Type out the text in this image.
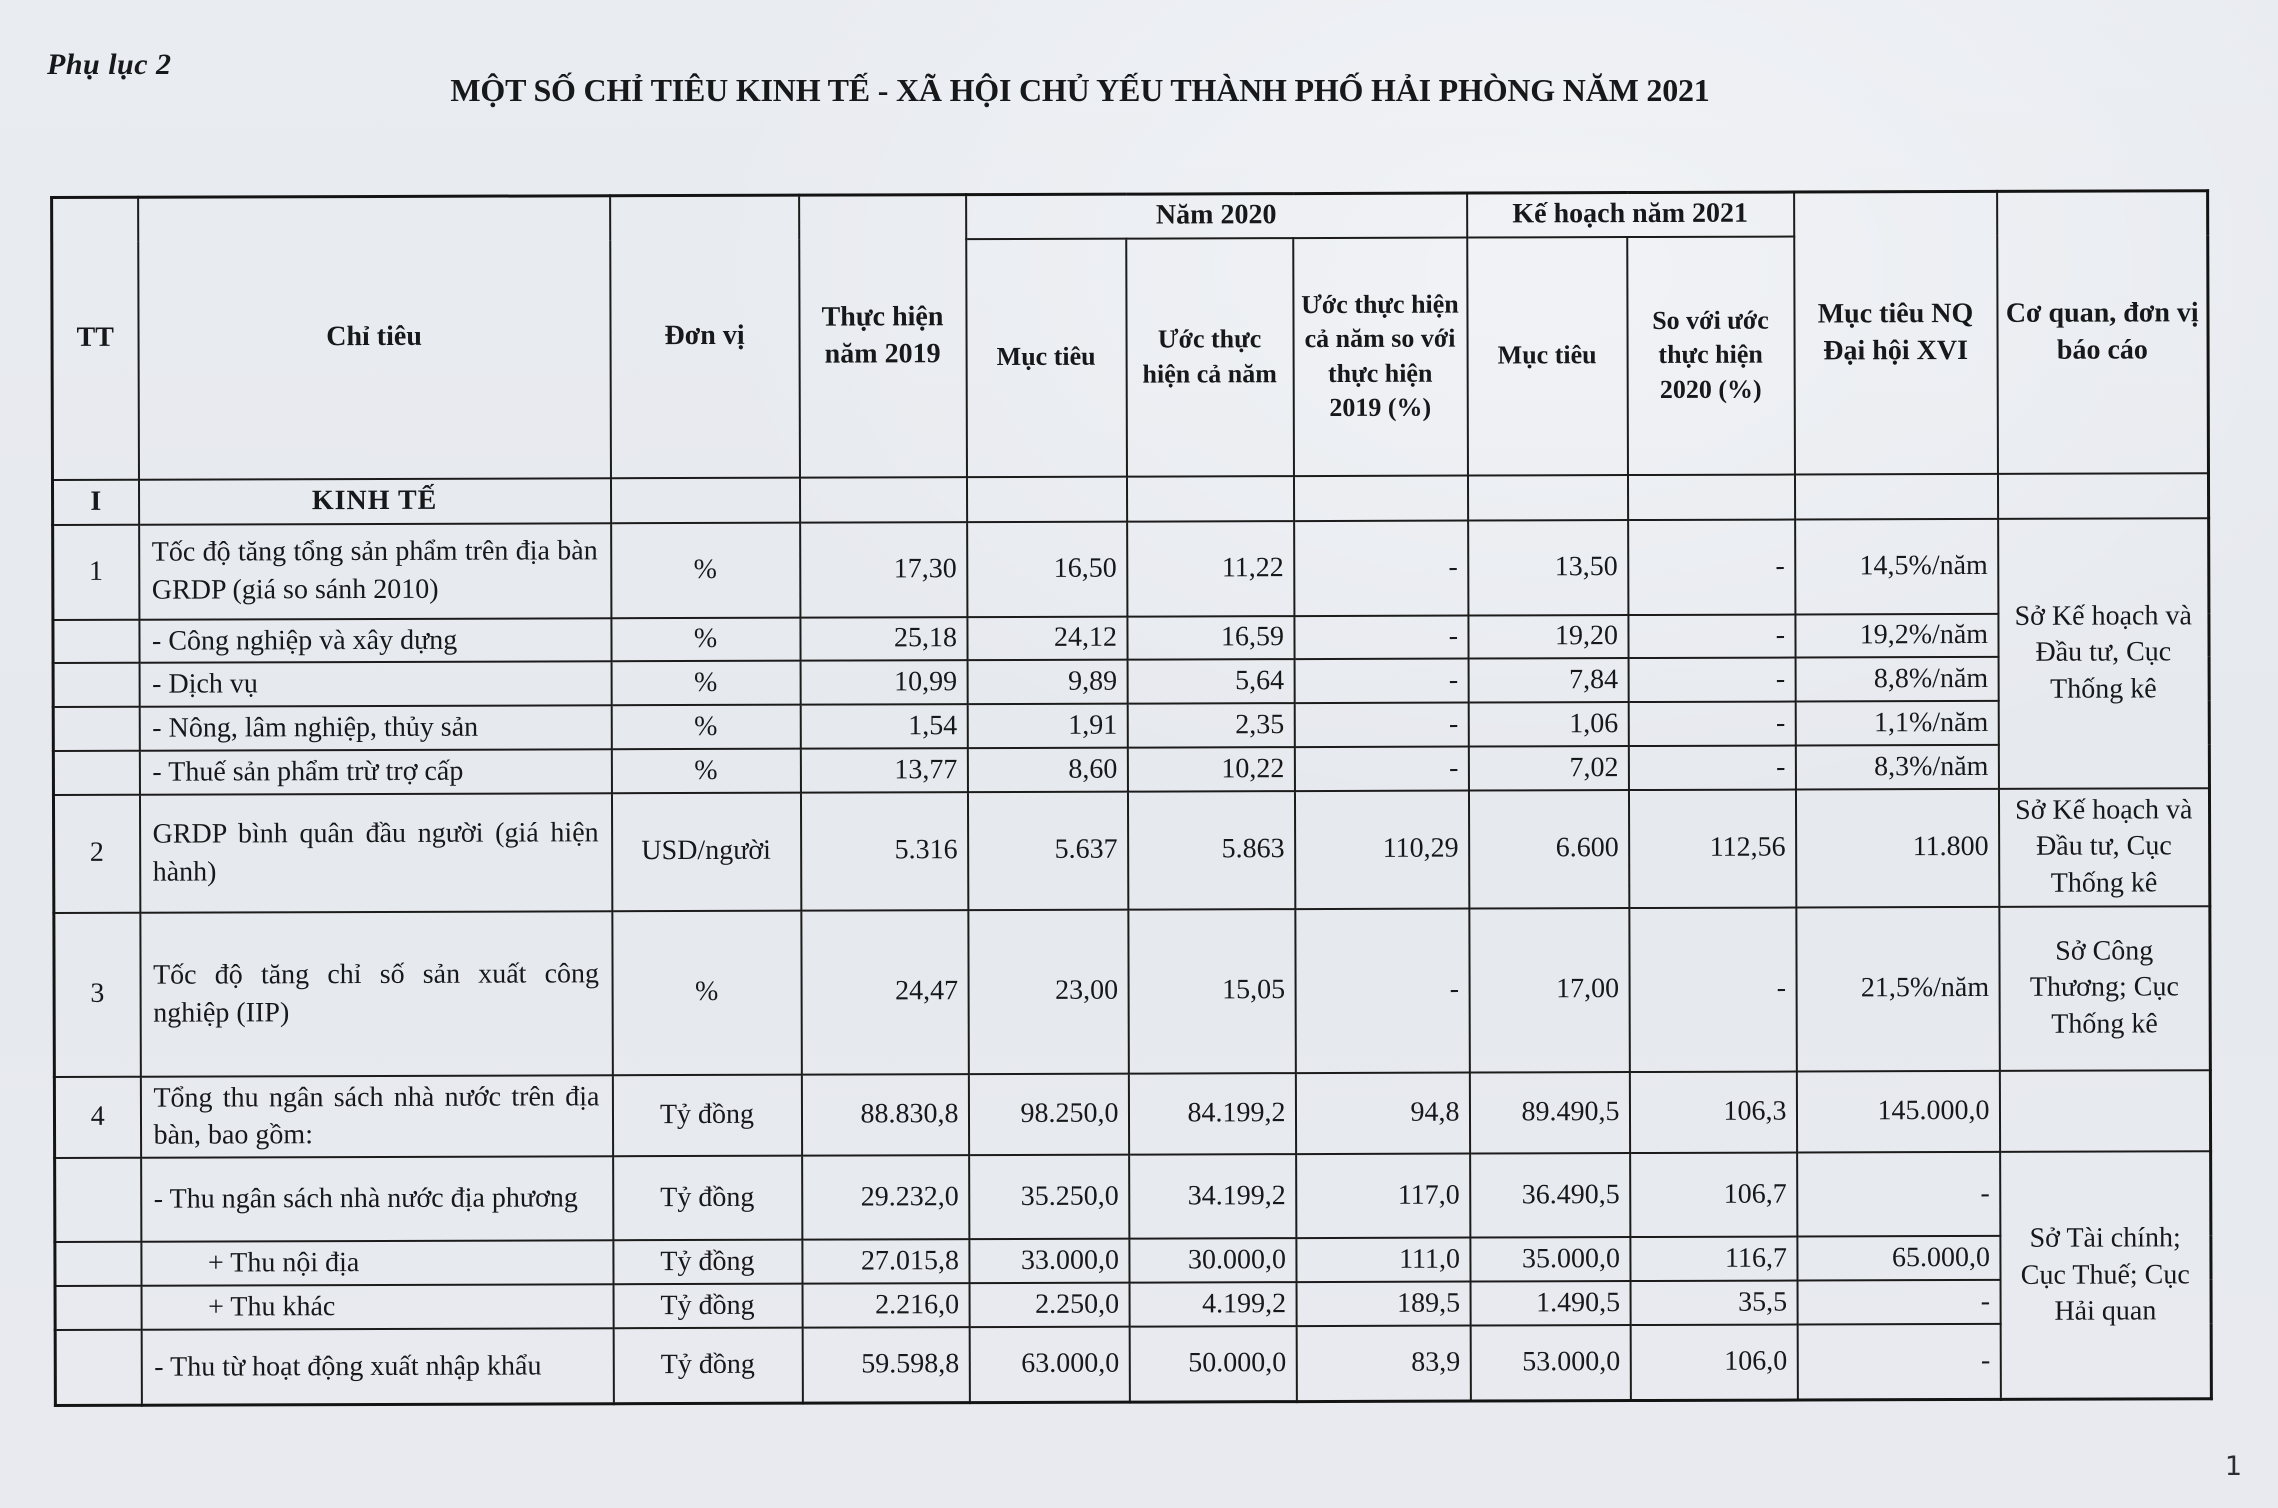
Phụ lục 2
MỘT SỐ CHỈ TIÊU KINH TẾ - XÃ HỘI CHỦ YẾU THÀNH PHỐ HẢI PHÒNG NĂM 2021
TT	Chỉ tiêu	Đơn vị	Thực hiện năm 2019	Năm 2020			Kế hoạch năm 2021		Mục tiêu NQ Đại hội XVI	Cơ quan, đơn vị báo cáo
				Mục tiêu	Ước thực hiện cả năm	Ước thực hiện cả năm so với thực hiện 2019 (%)	Mục tiêu	So với ước thực hiện 2020 (%)		
I	KINH TẾ									
1	Tốc độ tăng tổng sản phẩm trên địa bàn GRDP (giá so sánh 2010)	%	17,30	16,50	11,22	-	13,50	-	14,5%/năm	Sở Kế hoạch và Đầu tư, Cục Thống kê
	- Công nghiệp và xây dựng	%	25,18	24,12	16,59	-	19,20	-	19,2%/năm	
	- Dịch vụ	%	10,99	9,89	5,64	-	7,84	-	8,8%/năm	
	- Nông, lâm nghiệp, thủy sản	%	1,54	1,91	2,35	-	1,06	-	1,1%/năm	
	- Thuế sản phẩm trừ trợ cấp	%	13,77	8,60	10,22	-	7,02	-	8,3%/năm	
2	GRDP bình quân đầu người (giá hiện hành)	USD/người	5.316	5.637	5.863	110,29	6.600	112,56	11.800	Sở Kế hoạch và Đầu tư, Cục Thống kê
3	Tốc độ tăng chỉ số sản xuất công nghiệp (IIP)	%	24,47	23,00	15,05	-	17,00	-	21,5%/năm	Sở Công Thương; Cục Thống kê
4	Tổng thu ngân sách nhà nước trên địa bàn, bao gồm:	Tỷ đồng	88.830,8	98.250,0	84.199,2	94,8	89.490,5	106,3	145.000,0	
	- Thu ngân sách nhà nước địa phương	Tỷ đồng	29.232,0	35.250,0	34.199,2	117,0	36.490,5	106,7	-	Sở Tài chính; Cục Thuế; Cục Hải quan
	+ Thu nội địa	Tỷ đồng	27.015,8	33.000,0	30.000,0	111,0	35.000,0	116,7	65.000,0	
	+ Thu khác	Tỷ đồng	2.216,0	2.250,0	4.199,2	189,5	1.490,5	35,5	-	
	- Thu từ hoạt động xuất nhập khẩu	Tỷ đồng	59.598,8	63.000,0	50.000,0	83,9	53.000,0	106,0	-	
1
